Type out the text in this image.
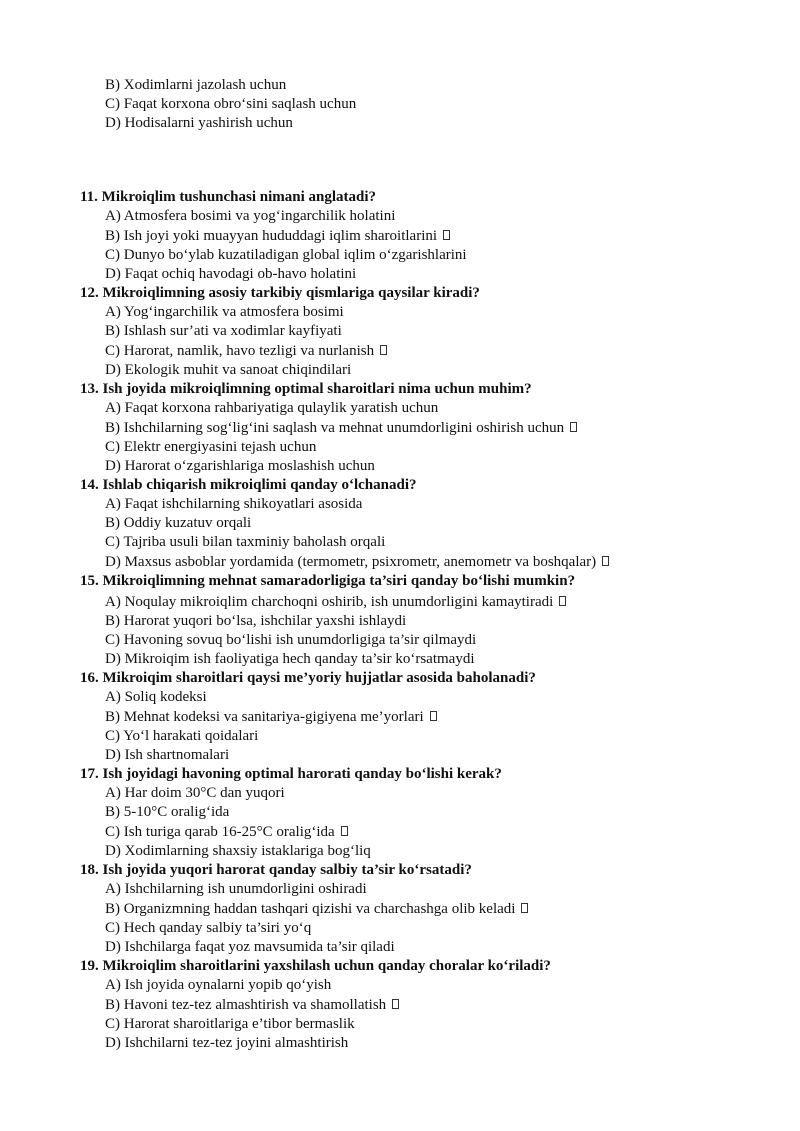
B) Xodimlarni jazolash uchun
C) Faqat korxona obro‘sini saqlash uchun
D) Hodisalarni yashirish uchun
11. Mikroiqlim tushunchasi nimani anglatadi?
A) Atmosfera bosimi va yog‘ingarchilik holatini
B) Ish joyi yoki muayyan hududdagi iqlim sharoitlarini
C) Dunyo bo‘ylab kuzatiladigan global iqlim o‘zgarishlarini
D) Faqat ochiq havodagi ob-havo holatini
12. Mikroiqlimning asosiy tarkibiy qismlariga qaysilar kiradi?
A) Yog‘ingarchilik va atmosfera bosimi
B) Ishlash sur’ati va xodimlar kayfiyati
C) Harorat, namlik, havo tezligi va nurlanish
D) Ekologik muhit va sanoat chiqindilari
13. Ish joyida mikroiqlimning optimal sharoitlari nima uchun muhim?
A) Faqat korxona rahbariyatiga qulaylik yaratish uchun
B) Ishchilarning sog‘lig‘ini saqlash va mehnat unumdorligini oshirish uchun
C) Elektr energiyasini tejash uchun
D) Harorat o‘zgarishlariga moslashish uchun
14. Ishlab chiqarish mikroiqlimi qanday o‘lchanadi?
A) Faqat ishchilarning shikoyatlari asosida
B) Oddiy kuzatuv orqali
C) Tajriba usuli bilan taxminiy baholash orqali
D) Maxsus asboblar yordamida (termometr, psixrometr, anemometr va boshqalar)
15. Mikroiqlimning mehnat samaradorligiga ta’siri qanday bo‘lishi mumkin?
A) Noqulay mikroiqlim charchoqni oshirib, ish unumdorligini kamaytiradi
B) Harorat yuqori bo‘lsa, ishchilar yaxshi ishlaydi
C) Havoning sovuq bo‘lishi ish unumdorligiga ta’sir qilmaydi
D) Mikroiqim ish faoliyatiga hech qanday ta’sir ko‘rsatmaydi
16. Mikroiqim sharoitlari qaysi me’yoriy hujjatlar asosida baholanadi?
A) Soliq kodeksi
B) Mehnat kodeksi va sanitariya-gigiyena me’yorlari
C) Yo‘l harakati qoidalari
D) Ish shartnomalari
17. Ish joyidagi havoning optimal harorati qanday bo‘lishi kerak?
A) Har doim 30°C dan yuqori
B) 5-10°C oralig‘ida
C) Ish turiga qarab 16-25°C oralig‘ida
D) Xodimlarning shaxsiy istaklariga bog‘liq
18. Ish joyida yuqori harorat qanday salbiy ta’sir ko‘rsatadi?
A) Ishchilarning ish unumdorligini oshiradi
B) Organizmning haddan tashqari qizishi va charchashga olib keladi
C) Hech qanday salbiy ta’siri yo‘q
D) Ishchilarga faqat yoz mavsumida ta’sir qiladi
19. Mikroiqlim sharoitlarini yaxshilash uchun qanday choralar ko‘riladi?
A) Ish joyida oynalarni yopib qo‘yish
B) Havoni tez-tez almashtirish va shamollatish
C) Harorat sharoitlariga e’tibor bermaslik
D) Ishchilarni tez-tez joyini almashtirish
